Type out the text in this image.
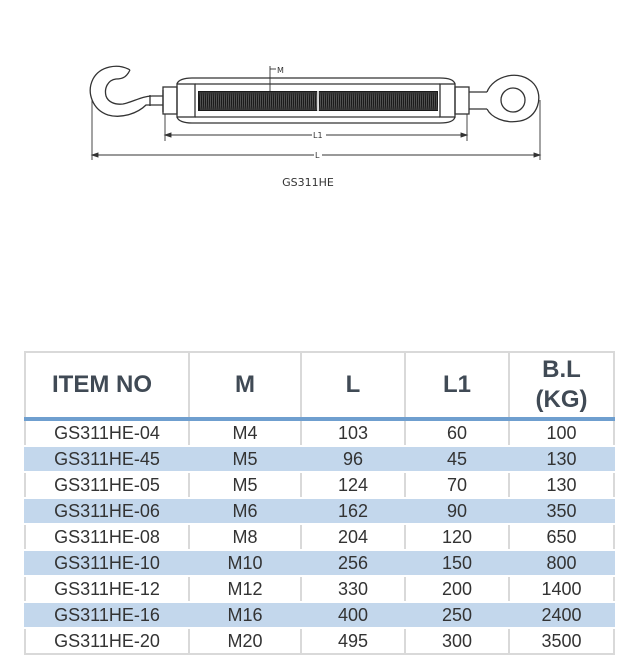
M
L1
L
GS311HE
ITEM NO	M	L	L1	B.L
(KG)
GS311HE-04	M4	103	60	100
GS311HE-45	M5	96	45	130
GS311HE-05	M5	124	70	130
GS311HE-06	M6	162	90	350
GS311HE-08	M8	204	120	650
GS311HE-10	M10	256	150	800
GS311HE-12	M12	330	200	1400
GS311HE-16	M16	400	250	2400
GS311HE-20	M20	495	300	3500
